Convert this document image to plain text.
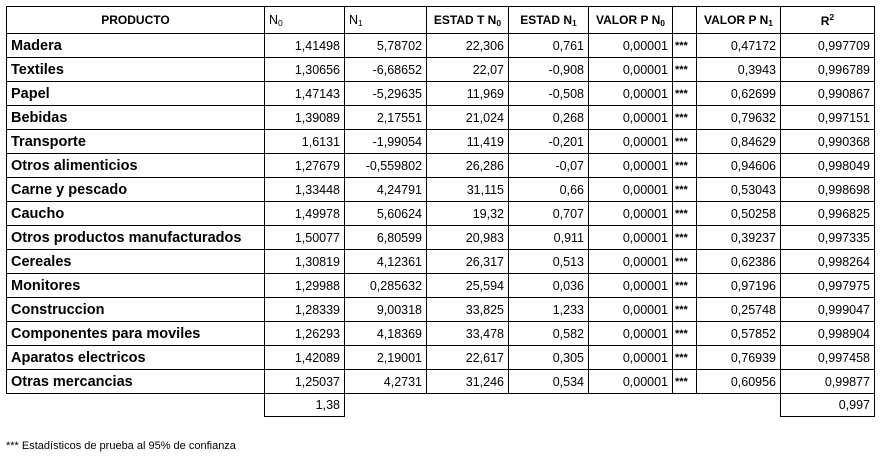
PRODUCTO	$N_0$	$N_1$	ESTAD T $N_0$	ESTAD $N_1$	VALOR P $N_0$		VALOR P $N_1$	$R^2$
Madera	1,41498	5,78702	22,306	0,761	0,00001	***	0,47172	0,997709
Textiles	1,30656	-6,68652	22,07	-0,908	0,00001	***	0,3943	0,996789
Papel	1,47143	-5,29635	11,969	-0,508	0,00001	***	0,62699	0,990867
Bebidas	1,39089	2,17551	21,024	0,268	0,00001	***	0,79632	0,997151
Transporte	1,6131	-1,99054	11,419	-0,201	0,00001	***	0,84629	0,990368
Otros alimenticios	1,27679	-0,559802	26,286	-0,07	0,00001	***	0,94606	0,998049
Carne y pescado	1,33448	4,24791	31,115	0,66	0,00001	***	0,53043	0,998698
Caucho	1,49978	5,60624	19,32	0,707	0,00001	***	0,50258	0,996825
Otros productos manufacturados	1,50077	6,80599	20,983	0,911	0,00001	***	0,39237	0,997335
Cereales	1,30819	4,12361	26,317	0,513	0,00001	***	0,62386	0,998264
Monitores	1,29988	0,285632	25,594	0,036	0,00001	***	0,97196	0,997975
Construccion	1,28339	9,00318	33,825	1,233	0,00001	***	0,25748	0,999047
Componentes para moviles	1,26293	4,18369	33,478	0,582	0,00001	***	0,57852	0,998904
Aparatos electricos	1,42089	2,19001	22,617	0,305	0,00001	***	0,76939	0,997458
Otras mercancias	1,25037	4,2731	31,246	0,534	0,00001	***	0,60956	0,99877
	1,38							0,997
*** Estadísticos de prueba al 95% de confianza
